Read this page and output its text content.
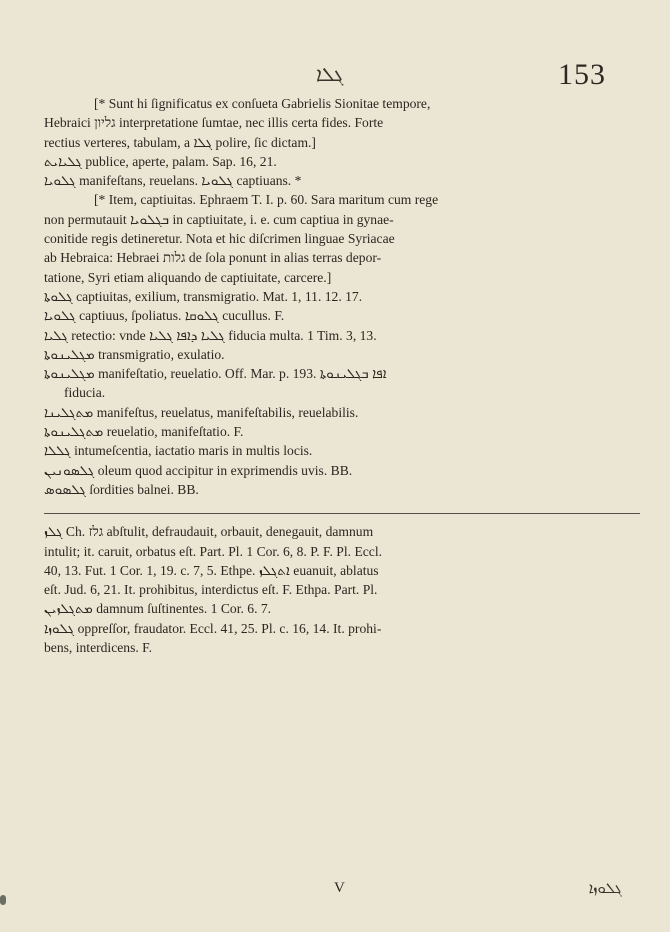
ܓܠܐ	153
[* Sunt hi ſignificatus ex conſueta Gabrielis Sionitae tempore,
Hebraici גליון interpretatione ſumtae, nec illis certa fides. Forte
rectius verteres, tabulam, a ܓܠܐ polire, ſic dictam.]
ܓܠܝܐܝܬ publice, aperte, palam. Sap. 16, 21.
ܓܠܘܝܐ manifeſtans, reuelans. ܓܠܘܝܐ captiuans. *
[* Item, captiuitas. Ephraem T. I. p. 60. Sara maritum cum rege
non permutauit ܒܓܠܘܝܐ in captiuitate, i. e. cum captiua in gynae-
conitide regis detineretur. Nota et hic diſcrimen linguae Syriacae
ab Hebraica: Hebraei גלות de ſola ponunt in alias terras depor-
tatione, Syri etiam aliquando de captiuitate, carcere.]
ܓܠܘܬܐ captiuitas, exilium, transmigratio. Mat. 1, 11. 12. 17.
ܓܠܘܝܐ captiuus, ſpoliatus. ܓܠܘܩܐ cucullus. F.
ܓܠܝܐ retectio: vnde ܓܠܝܐ ܕܐܦܐ ܓܠܝܐ fiducia multa. 1 Tim. 3, 13.
ܡܓܠܝܢܘܬܐ transmigratio, exulatio.
ܡܓܠܝܢܘܬܐ manifeſtatio, reuelatio. Off. Mar. p. 193. ܐܦܐ ܒܓܠܝܢܘܬܐ
fiducia.
ܡܬܓܠܝܢܐ manifeſtus, reuelatus, manifeſtabilis, reuelabilis.
ܡܬܓܠܝܢܘܬܐ reuelatio, manifeſtatio. F.
ܓܠܠܐ intumeſcentia, iactatio maris in multis locis.
ܓܠܣܘܢܝܢ oleum quod accipitur in exprimendis uvis. BB.
ܓܠܣܘܣ ſordities balnei. BB.
ܓܠܙ Ch. גלז abſtulit, defraudauit, orbauit, denegauit, damnum
intulit; it. caruit, orbatus eſt. Part. Pl. 1 Cor. 6, 8. P. F. Pl. Eccl.
40, 13. Fut. 1 Cor. 1, 19. c. 7, 5. Ethpe. ܐܬܓܠܙ euanuit, ablatus
eſt. Jud. 6, 21. It. prohibitus, interdictus eſt. F. Ethpa. Part. Pl.
ܡܬܓܠܙܝܢ damnum ſuſtinentes. 1 Cor. 6. 7.
ܓܠܘܙܐ oppreſſor, fraudator. Eccl. 41, 25. Pl. c. 16, 14. It. prohi-
bens, interdicens. F.
V	ܓܠܘܙܐ
